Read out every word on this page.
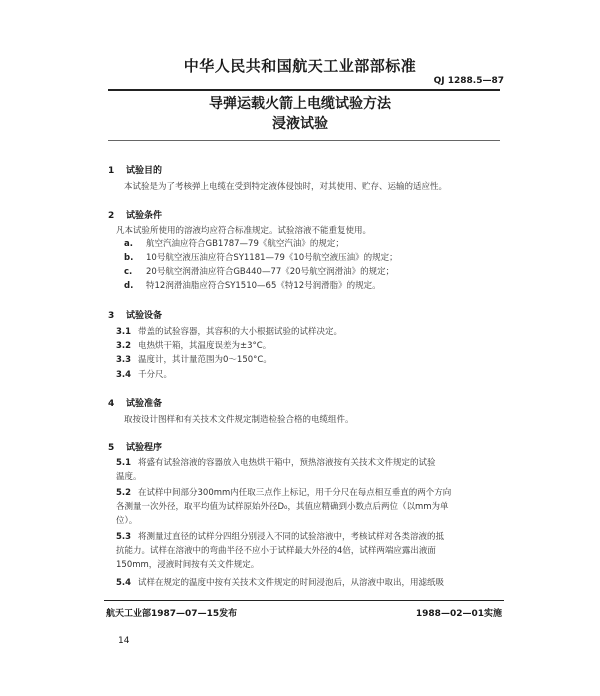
中华人民共和国航天工业部部标准
QJ 1288.5—87
导弹运载火箭上电缆试验方法
浸液试验
1 试验目的
本试验是为了考核弹上电缆在受到特定液体侵蚀时，对其使用、贮存、运输的适应性。
2 试验条件
凡本试验所使用的溶液均应符合标准规定。试验溶液不能重复使用。
a. 航空汽油应符合GB1787—79《航空汽油》的规定；
b. 10号航空液压油应符合SY1181—79《10号航空液压油》的规定；
c. 20号航空润滑油应符合GB440—77《20号航空润滑油》的规定；
d. 特12润滑油脂应符合SY1510—65《特12号润滑脂》的规定。
3 试验设备
3.1 带盖的试验容器，其容积的大小根据试验的试样决定。
3.2 电热烘干箱，其温度误差为±3°C。
3.3 温度计，其计量范围为0～150°C。
3.4 千分尺。
4 试验准备
取按设计图样和有关技术文件规定制造检验合格的电缆组件。
5 试验程序
5.1 将盛有试验溶液的容器放入电热烘干箱中，预热溶液按有关技术文件规定的试验
温度。
5.2 在试样中间部分300mm内任取三点作上标记，用千分尺在每点相互垂直的两个方向
各测量一次外径，取平均值为试样原始外径D₀，其值应精确到小数点后两位（以mm为单
位）。
5.3 将测量过直径的试样分四组分别浸入不同的试验溶液中，考核试样对各类溶液的抵
抗能力。试样在溶液中的弯曲半径不应小于试样最大外径的4倍，试样两端应露出液面
150mm，浸液时间按有关文件规定。
5.4 试样在规定的温度中按有关技术文件规定的时间浸泡后，从溶液中取出，用滤纸吸
航天工业部1987—07—15发布	1988—02—01实施
14
